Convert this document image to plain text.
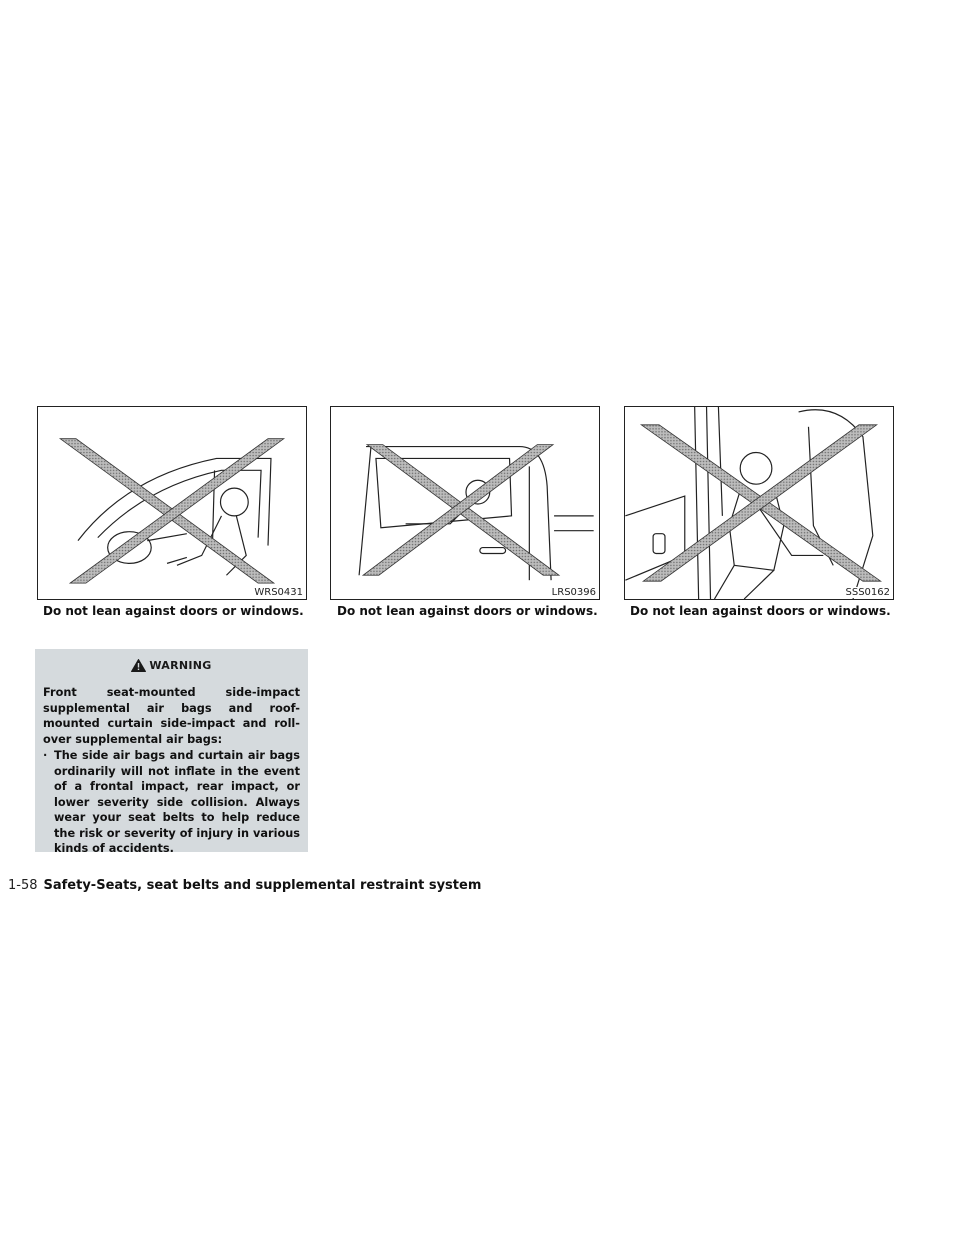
WRS0431
Do not lean against doors or windows.
LRS0396
Do not lean against doors or windows.
SSS0162
Do not lean against doors or windows.
WARNING
Front seat-mounted side-impact supplemental air bags and roof-mounted curtain side-impact and roll-over supplemental air bags:
· The side air bags and curtain air bags ordinarily will not inflate in the event of a frontal impact, rear impact, or lower severity side collision. Always wear your seat belts to help reduce the risk or severity of injury in various kinds of accidents.
1-58 Safety-Seats, seat belts and supplemental restraint system
